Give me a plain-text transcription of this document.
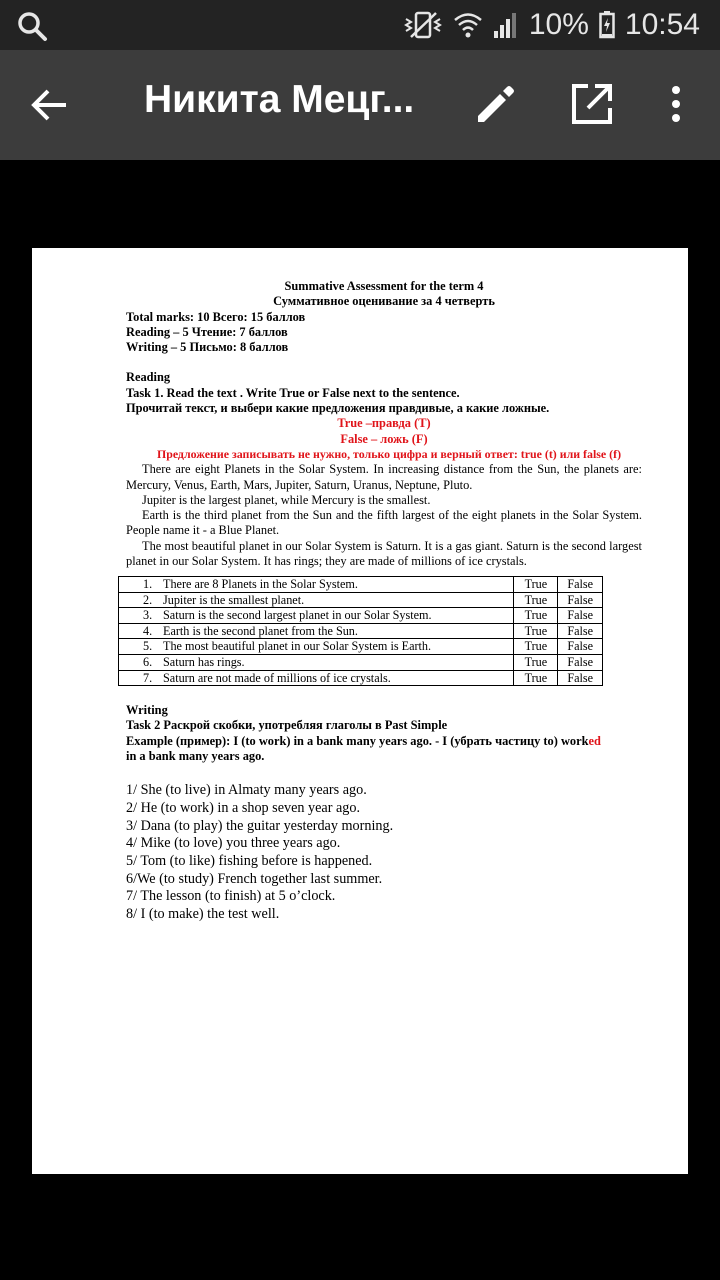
10% 10:54
Никита Мецг...
Summative Assessment for the term 4
Суммативное оценивание за 4 четверть
Total marks: 10 Всего: 15 баллов
Reading – 5 Чтение: 7 баллов
Writing – 5 Письмо: 8 баллов
Reading
Task 1. Read the text . Write True or False next to the sentence.
Прочитай текст, и выбери какие предложения правдивые, а какие ложные.
True –правда (T)
False – ложь (F)
Предложение записывать не нужно, только цифра и верный ответ: true (t) или false (f)
There are eight Planets in the Solar System. In increasing distance from the Sun, the planets are: Mercury, Venus, Earth, Mars, Jupiter, Saturn, Uranus, Neptune, Pluto.
Jupiter is the largest planet, while Mercury is the smallest.
Earth is the third planet from the Sun and the fifth largest of the eight planets in the Solar System. People name it - a Blue Planet.
The most beautiful planet in our Solar System is Saturn. It is a gas giant. Saturn is the second largest planet in our Solar System. It has rings; they are made of millions of ice crystals.
1. There are 8 Planets in the Solar System.	True	False

2. Jupiter is the smallest planet.	True	False

3. Saturn is the second largest planet in our Solar System.	True	False

4. Earth is the second planet from the Sun.	True	False

5. The most beautiful planet in our Solar System is Earth.	True	False

6. Saturn has rings.	True	False

7. Saturn are not made of millions of ice crystals.	True	False
Writing
Task 2 Раскрой скобки, употребляя глаголы в Past Simple
Example (пример): I (to work) in a bank many years ago. - I (убрать частицу to) worked
in a bank many years ago.
1/ She (to live) in Almaty many years ago.
2/ He (to work) in a shop seven year ago.
3/ Dana (to play) the guitar yesterday morning.
4/ Mike (to love) you three years ago.
5/ Tom (to like) fishing before is happened.
6/We (to study) French together last summer.
7/ The lesson (to finish) at 5 o’clock.
8/ I (to make) the test well.
